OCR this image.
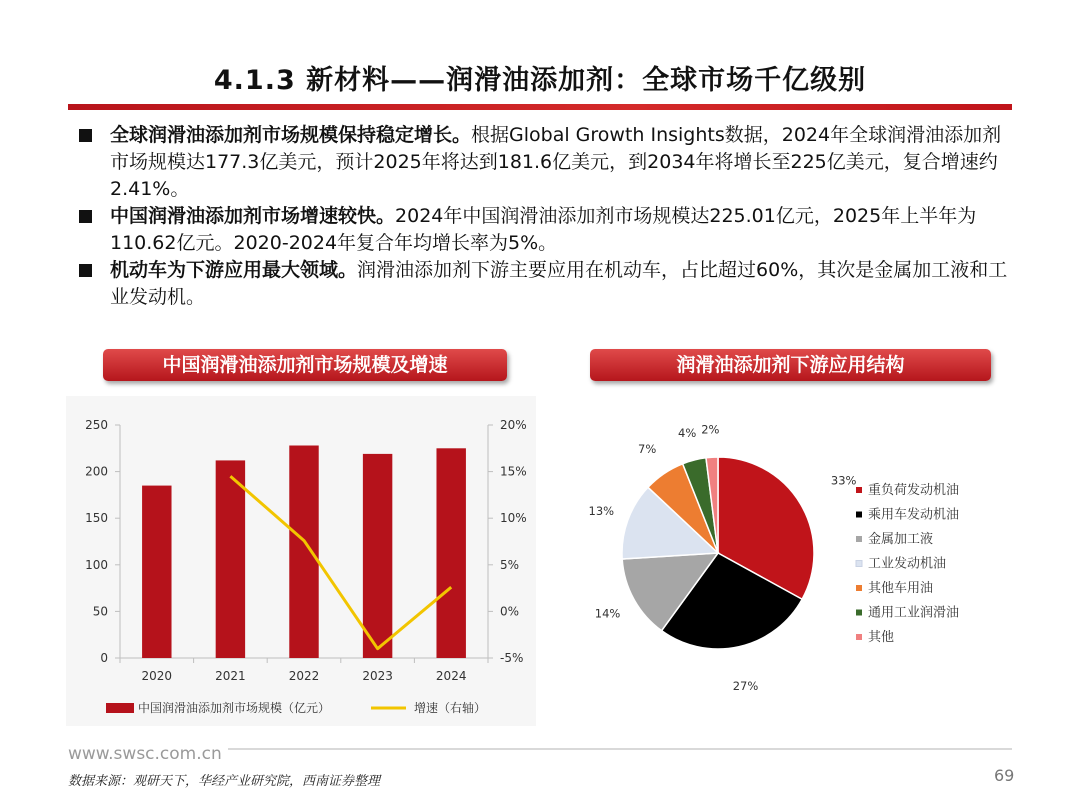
4.1.3 新材料——润滑油添加剂：全球市场千亿级别
全球润滑油添加剂市场规模保持稳定增长。根据Global Growth Insights数据，2024年全球润滑油添加剂市场规模达177.3亿美元，预计2025年将达到181.6亿美元，到2034年将增长至225亿美元，复合增速约2.41%。
中国润滑油添加剂市场增速较快。2024年中国润滑油添加剂市场规模达225.01亿元，2025年上半年为110.62亿元。2020-2024年复合年均增长率为5%。
机动车为下游应用最大领域。润滑油添加剂下游主要应用在机动车，占比超过60%，其次是金属加工液和工业发动机。
中国润滑油添加剂市场规模及增速	润滑油添加剂下游应用结构
0
50
100
150
200
250
-5%
0%
5%
10%
15%
20%
2020	2021	2022	2023	2024
中国润滑油添加剂市场规模（亿元）	增速（右轴）
33%
27%
14%
13%
7%
4% 2%
重负荷发动机油
乘用车发动机油
金属加工液
工业发动机油
其他车用油
通用工业润滑油
其他
www.swsc.com.cn
数据来源：观研天下，华经产业研究院，西南证券整理	69
